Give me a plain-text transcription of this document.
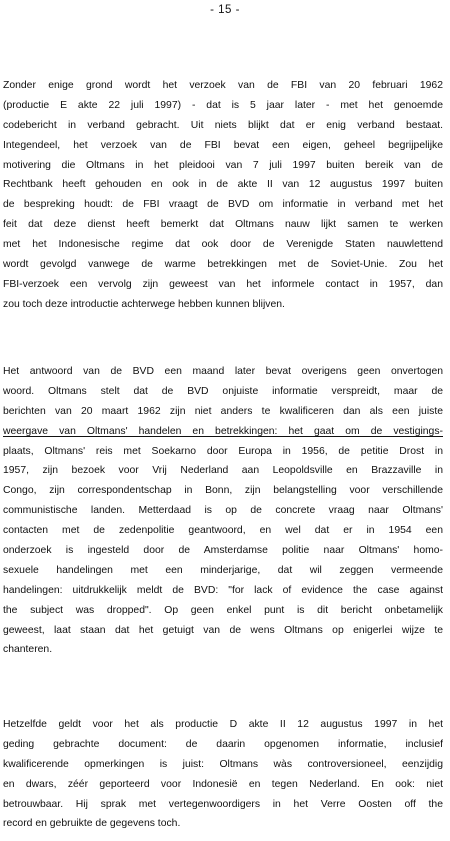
- 15 -
Zonder enige grond wordt het verzoek van de FBI van 20 februari 1962
(productie E akte 22 juli 1997) - dat is 5 jaar later - met het genoemde
codebericht in verband gebracht. Uit niets blijkt dat er enig verband bestaat.
Integendeel, het verzoek van de FBI bevat een eigen, geheel begrijpelijke
motivering die Oltmans in het pleidooi van 7 juli 1997 buiten bereik van de
Rechtbank heeft gehouden en ook in de akte II van 12 augustus 1997 buiten
de bespreking houdt: de FBI vraagt de BVD om informatie in verband met het
feit dat deze dienst heeft bemerkt dat Oltmans nauw lijkt samen te werken
met het Indonesische regime dat ook door de Verenigde Staten nauwlettend
wordt gevolgd vanwege de warme betrekkingen met de Soviet-Unie. Zou het
FBI-verzoek een vervolg zijn geweest van het informele contact in 1957, dan
zou toch deze introductie achterwege hebben kunnen blijven.
Het antwoord van de BVD een maand later bevat overigens geen onvertogen
woord. Oltmans stelt dat de BVD onjuiste informatie verspreidt, maar de
berichten van 20 maart 1962 zijn niet anders te kwalificeren dan als een juiste
weergave van Oltmans' handelen en betrekkingen: het gaat om de vestigings-
plaats, Oltmans' reis met Soekarno door Europa in 1956, de petitie Drost in
1957, zijn bezoek voor Vrij Nederland aan Leopoldsville en Brazzaville in
Congo, zijn correspondentschap in Bonn, zijn belangstelling voor verschillende
communistische landen. Metterdaad is op de concrete vraag naar Oltmans'
contacten met de zedenpolitie geantwoord, en wel dat er in 1954 een
onderzoek is ingesteld door de Amsterdamse politie naar Oltmans' homo-
sexuele handelingen met een minderjarige, dat wil zeggen vermeende
handelingen: uitdrukkelijk meldt de BVD: "for lack of evidence the case against
the subject was dropped". Op geen enkel punt is dit bericht onbetamelijk
geweest, laat staan dat het getuigt van de wens Oltmans op enigerlei wijze te
chanteren.
Hetzelfde geldt voor het als productie D akte II 12 augustus 1997 in het
geding gebrachte document: de daarin opgenomen informatie, inclusief
kwalificerende opmerkingen is juist: Oltmans wàs controversioneel, eenzijdig
en dwars, zéér geporteerd voor Indonesië en tegen Nederland. En ook: niet
betrouwbaar. Hij sprak met vertegenwoordigers in het Verre Oosten off the
record en gebruikte de gegevens toch.
